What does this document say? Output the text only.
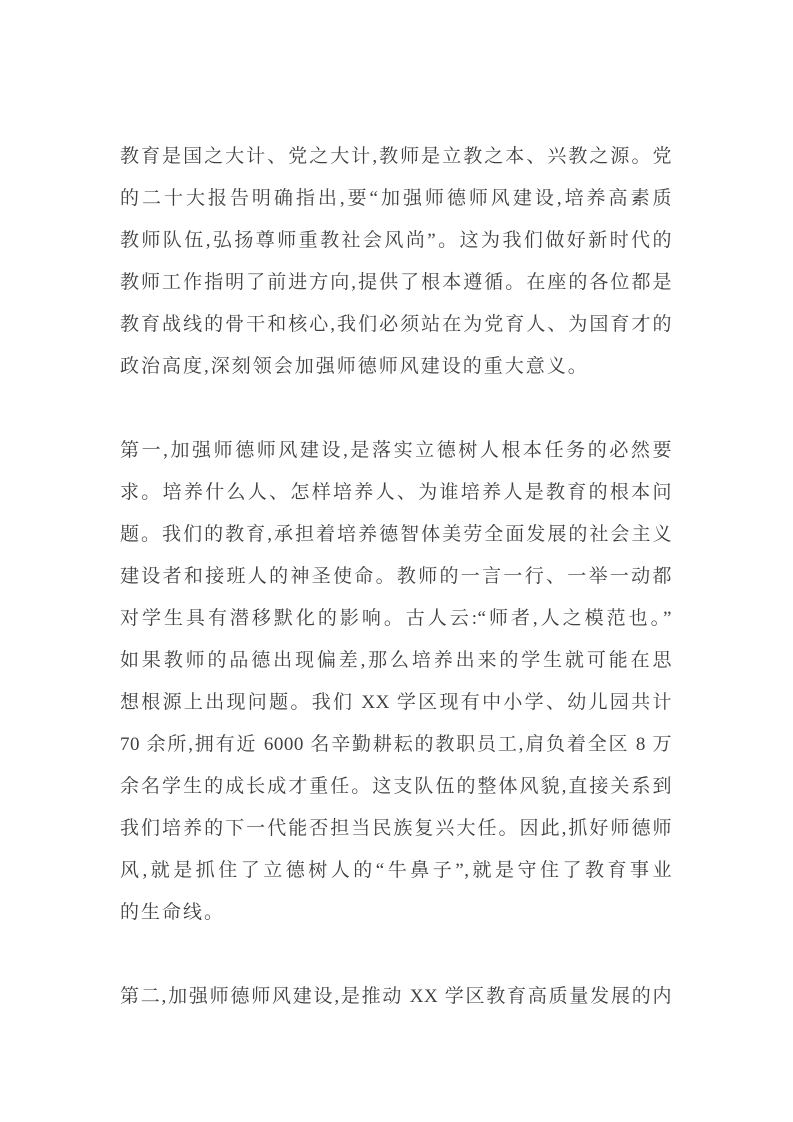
教育是国之大计、党之大计,教师是立教之本、兴教之源。党
的二十大报告明确指出,要“加强师德师风建设,培养高素质
教师队伍,弘扬尊师重教社会风尚”。这为我们做好新时代的
教师工作指明了前进方向,提供了根本遵循。在座的各位都是
教育战线的骨干和核心,我们必须站在为党育人、为国育才的
政治高度,深刻领会加强师德师风建设的重大意义。
第一,加强师德师风建设,是落实立德树人根本任务的必然要
求。培养什么人、怎样培养人、为谁培养人是教育的根本问
题。我们的教育,承担着培养德智体美劳全面发展的社会主义
建设者和接班人的神圣使命。教师的一言一行、一举一动都
对学生具有潜移默化的影响。古人云:“师者,人之模范也。”
如果教师的品德出现偏差,那么培养出来的学生就可能在思
想根源上出现问题。我们 XX 学区现有中小学、幼儿园共计
70 余所,拥有近 6000 名辛勤耕耘的教职员工,肩负着全区 8 万
余名学生的成长成才重任。这支队伍的整体风貌,直接关系到
我们培养的下一代能否担当民族复兴大任。因此,抓好师德师
风,就是抓住了立德树人的“牛鼻子”,就是守住了教育事业
的生命线。
第二,加强师德师风建设,是推动 XX 学区教育高质量发展的内
